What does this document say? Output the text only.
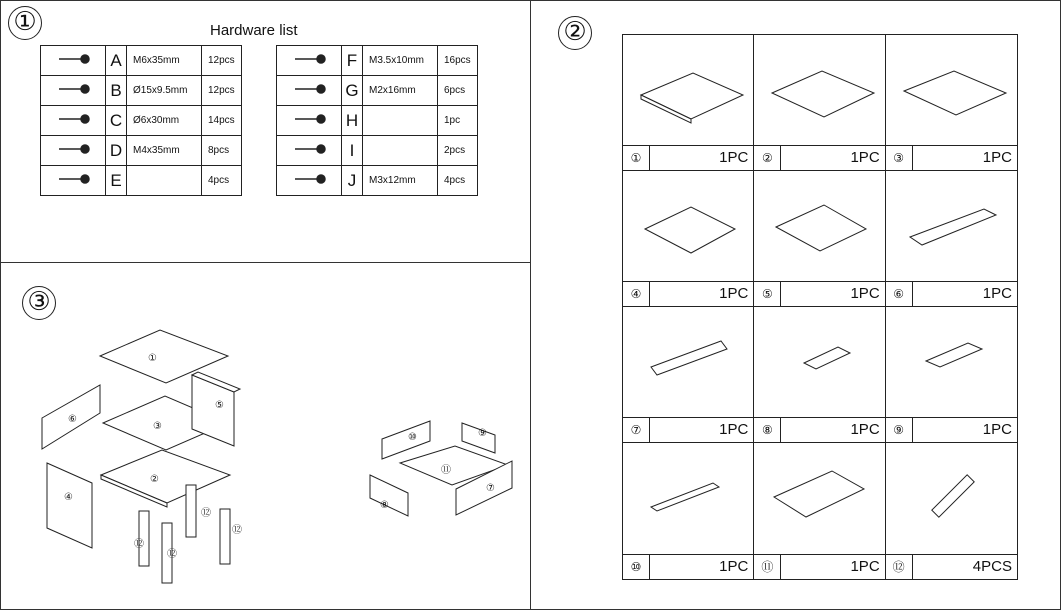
①	②
③
Hardware list
	A	M6x35mm	12pcs
	B	Ø15x9.5mm	12pcs
	C	Ø6x30mm	14pcs
	D	M4x35mm	8pcs
	E		4pcs
	F	M3.5x10mm	16pcs
	G	M2x16mm	6pcs
	H		1pc
	I		2pcs
	J	M3x12mm	4pcs
①	1PC	②	1PC	③	1PC
④	1PC	⑤	1PC	⑥	1PC
⑦	1PC	⑧	1PC	⑨	1PC
⑩	1PC	⑪	1PC	⑫	4PCS
①
③
②
④
⑤
⑥
⑫
⑫
⑫
⑫
⑩	⑨
⑪
⑧
⑦
